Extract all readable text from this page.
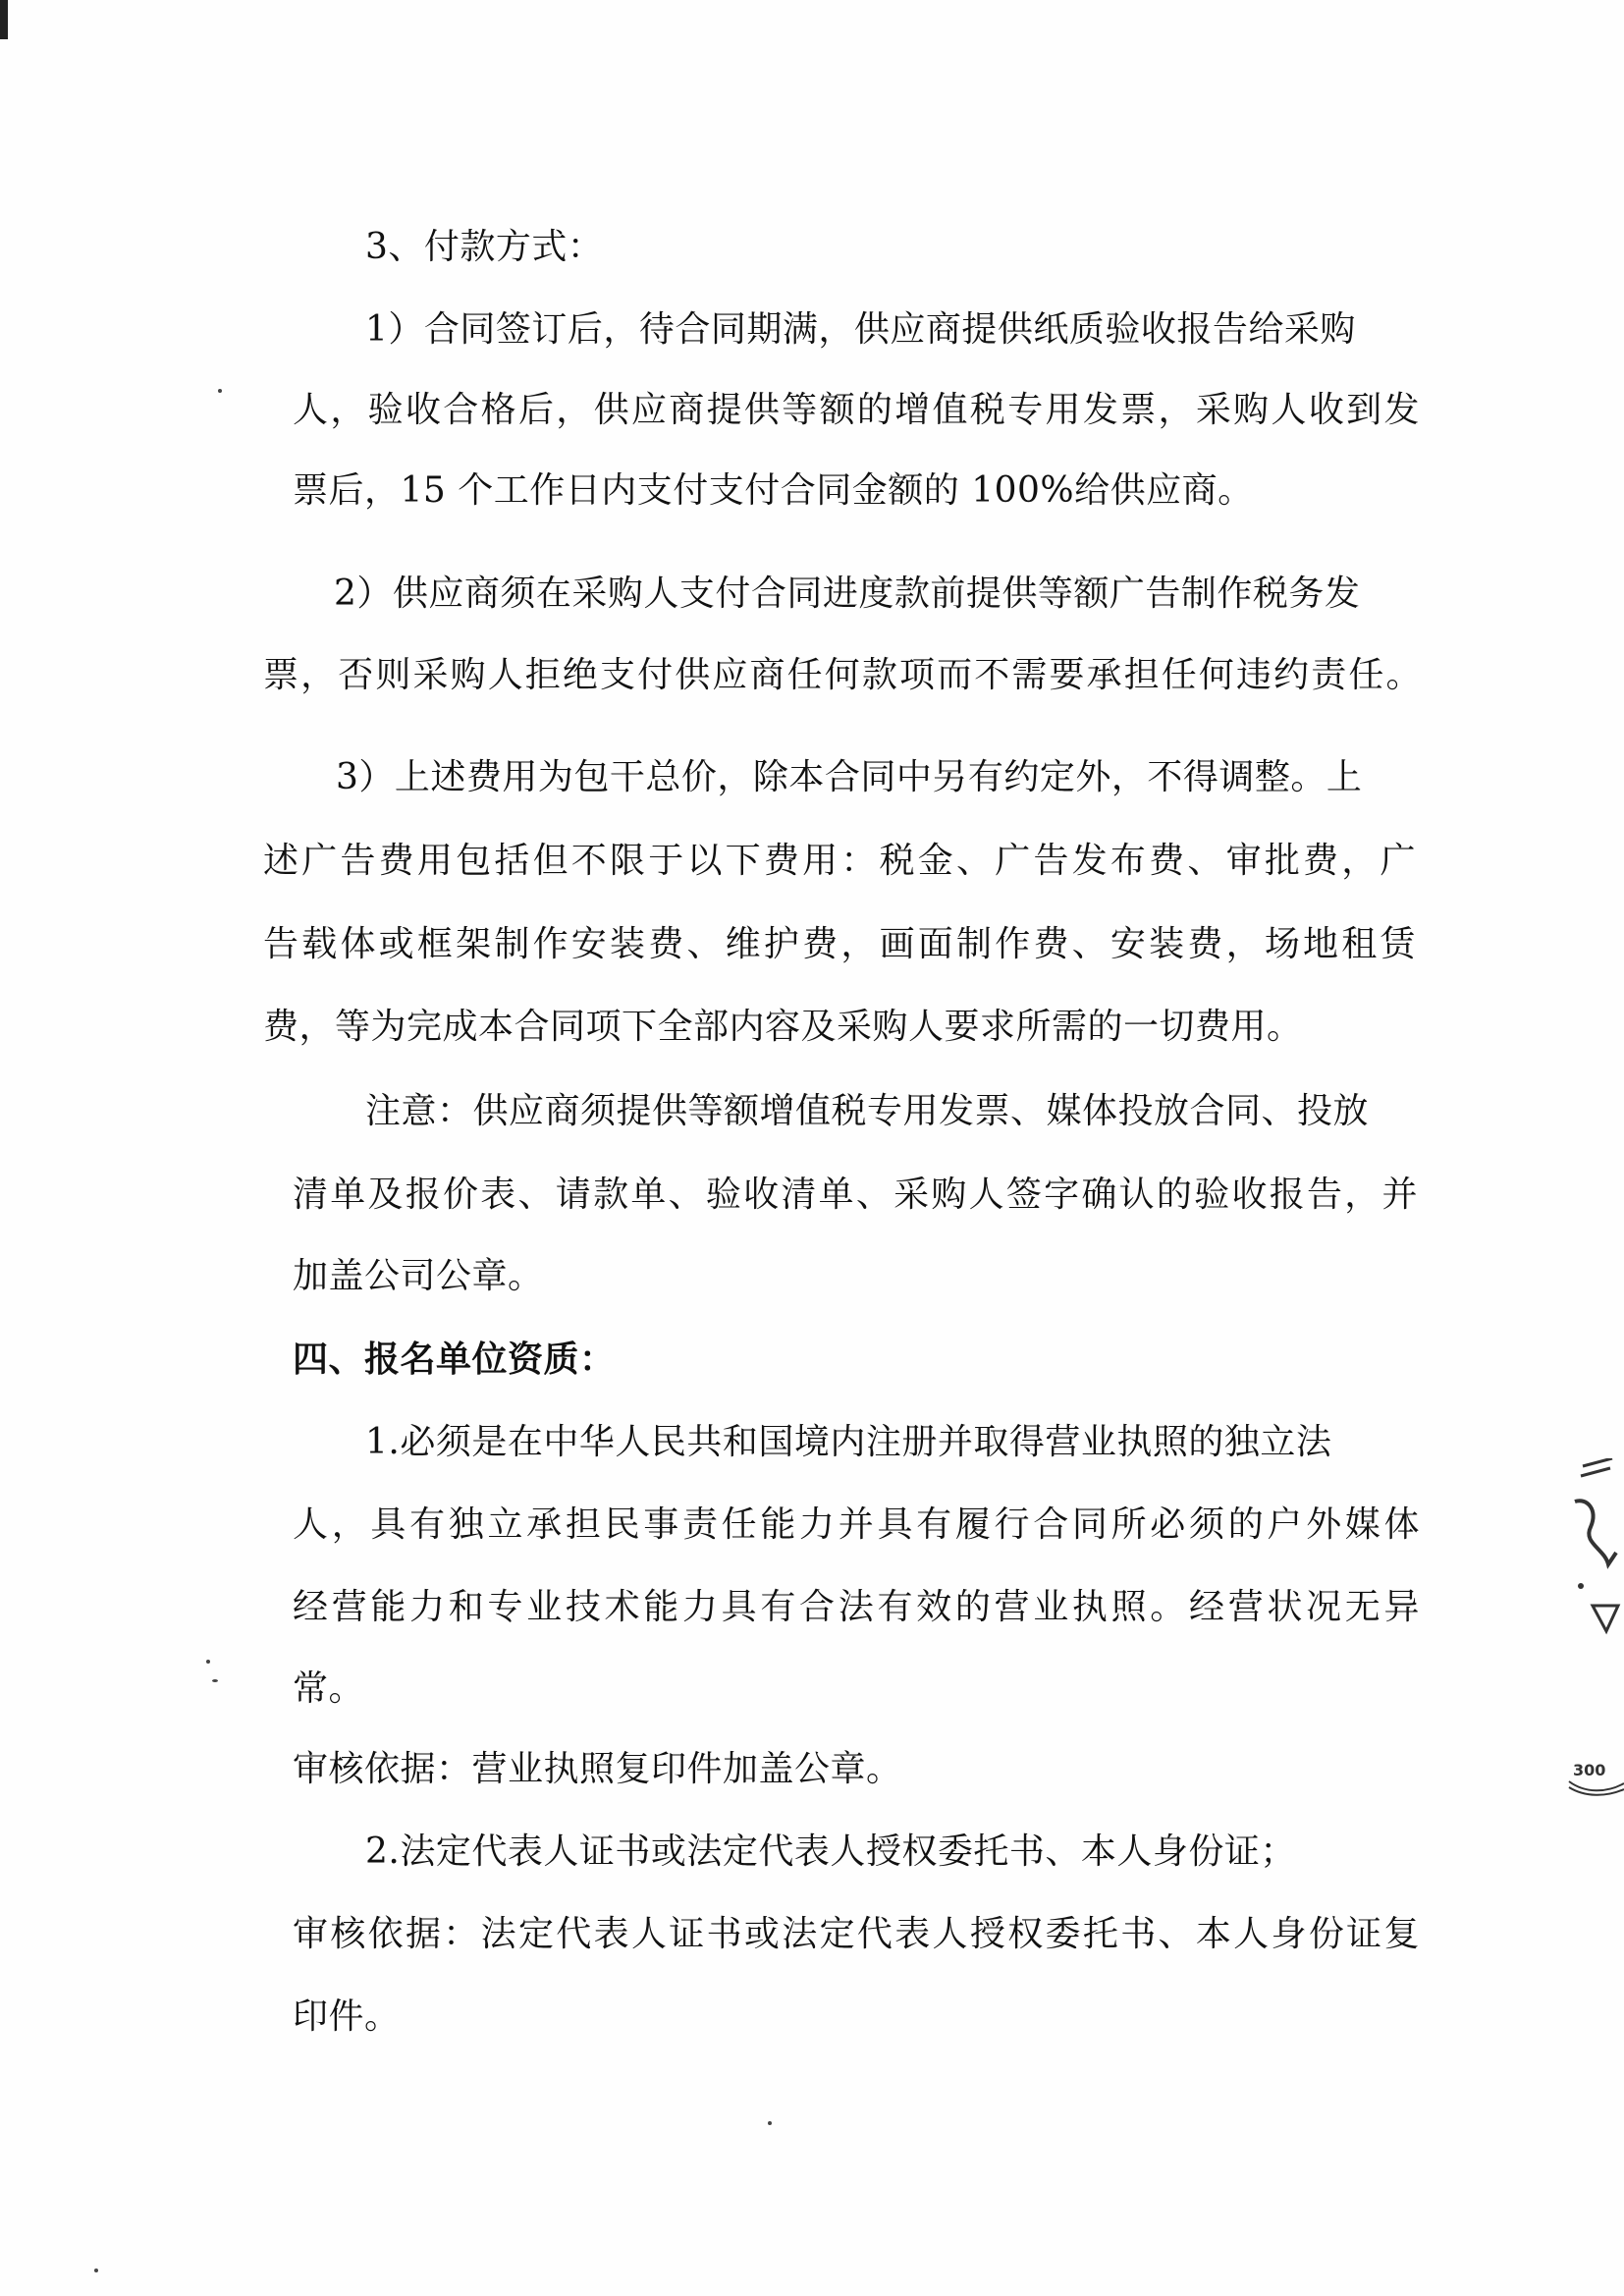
3、付款方式：
1）合同签订后，待合同期满，供应商提供纸质验收报告给采购
人，验收合格后，供应商提供等额的增值税专用发票，采购人收到发
票后，15 个工作日内支付支付合同金额的 100%给供应商。
2）供应商须在采购人支付合同进度款前提供等额广告制作税务发
票，否则采购人拒绝支付供应商任何款项而不需要承担任何违约责任。
3）上述费用为包干总价，除本合同中另有约定外，不得调整。上
述广告费用包括但不限于以下费用：税金、广告发布费、审批费，广
告载体或框架制作安装费、维护费，画面制作费、安装费，场地租赁
费，等为完成本合同项下全部内容及采购人要求所需的一切费用。
注意：供应商须提供等额增值税专用发票、媒体投放合同、投放
清单及报价表、请款单、验收清单、采购人签字确认的验收报告，并
加盖公司公章。
四、报名单位资质：
1.必须是在中华人民共和国境内注册并取得营业执照的独立法
人，具有独立承担民事责任能力并具有履行合同所必须的户外媒体
经营能力和专业技术能力具有合法有效的营业执照。经营状况无异
常。
审核依据：营业执照复印件加盖公章。
2.法定代表人证书或法定代表人授权委托书、本人身份证；
审核依据：法定代表人证书或法定代表人授权委托书、本人身份证复
印件。
300
